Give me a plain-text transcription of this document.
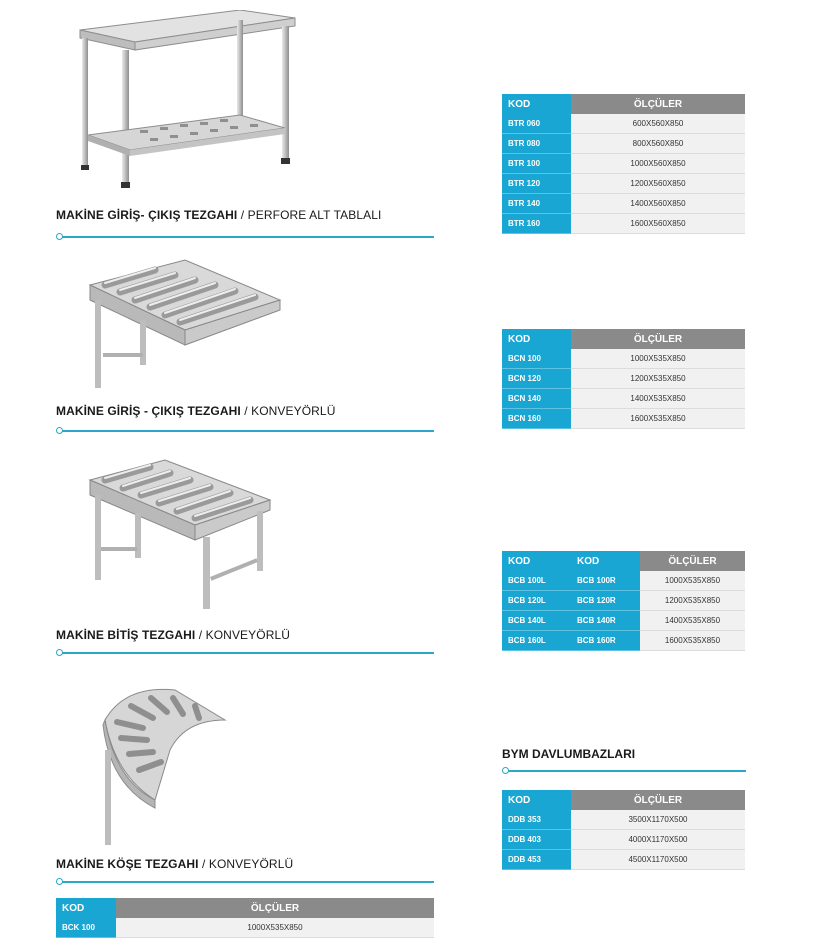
MAKİNE GİRİŞ- ÇIKIŞ TEZGAHI / PERFORE ALT TABLALI
MAKİNE GİRİŞ - ÇIKIŞ TEZGAHI / KONVEYÖRLÜ
MAKİNE BİTİŞ TEZGAHI / KONVEYÖRLÜ
MAKİNE KÖŞE TEZGAHI / KONVEYÖRLÜ
KOD	ÖLÇÜLER
BTR 060	600X560X850
BTR 080	800X560X850
BTR 100	1000X560X850
BTR 120	1200X560X850
BTR 140	1400X560X850
BTR 160	1600X560X850
KOD	ÖLÇÜLER
BCN 100	1000X535X850
BCN 120	1200X535X850
BCN 140	1400X535X850
BCN 160	1600X535X850
KOD	KOD	ÖLÇÜLER
BCB 100L	BCB 100R	1000X535X850
BCB 120L	BCB 120R	1200X535X850
BCB 140L	BCB 140R	1400X535X850
BCB 160L	BCB 160R	1600X535X850
BYM DAVLUMBAZLARI
KOD	ÖLÇÜLER
DDB 353	3500X1170X500
DDB 403	4000X1170X500
DDB 453	4500X1170X500
KOD	ÖLÇÜLER
BCK 100	1000X535X850
